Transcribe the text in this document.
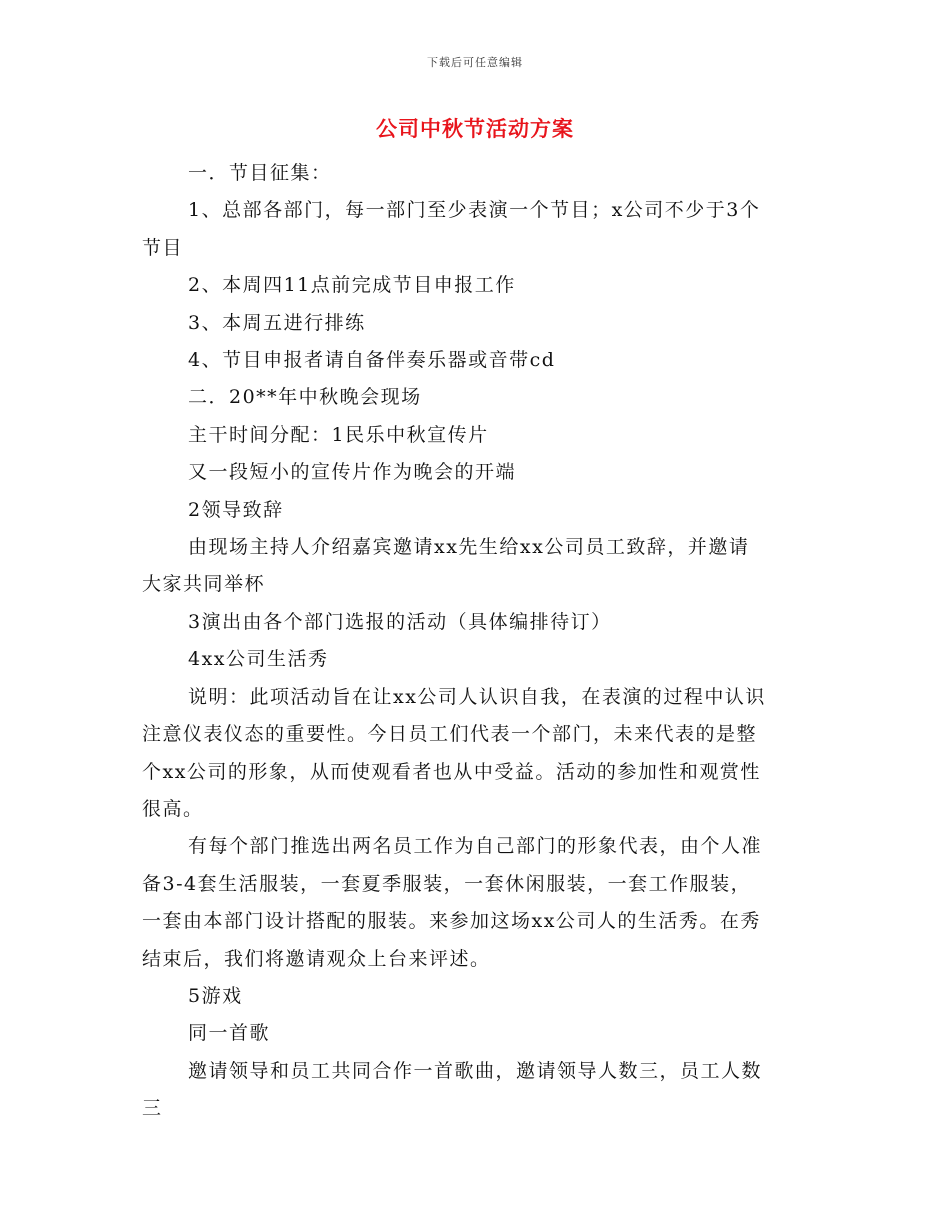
下载后可任意编辑
公司中秋节活动方案

一．节目征集：

1、总部各部门，每一部门至少表演一个节目；x公司不少于3个
节目

2、本周四11点前完成节目申报工作

3、本周五进行排练

4、节目申报者请自备伴奏乐器或音带cd

二．20**年中秋晚会现场

主干时间分配：1民乐中秋宣传片

又一段短小的宣传片作为晚会的开端

2领导致辞

由现场主持人介绍嘉宾邀请xx先生给xx公司员工致辞，并邀请
大家共同举杯

3演出由各个部门选报的活动（具体编排待订）

4xx公司生活秀

说明：此项活动旨在让xx公司人认识自我，在表演的过程中认识
注意仪表仪态的重要性。今日员工们代表一个部门，未来代表的是整
个xx公司的形象，从而使观看者也从中受益。活动的参加性和观赏性
很高。

有每个部门推选出两名员工作为自己部门的形象代表，由个人准
备3-4套生活服装，一套夏季服装，一套休闲服装，一套工作服装，
一套由本部门设计搭配的服装。来参加这场xx公司人的生活秀。在秀
结束后，我们将邀请观众上台来评述。

5游戏

同一首歌

邀请领导和员工共同合作一首歌曲，邀请领导人数三，员工人数
三
